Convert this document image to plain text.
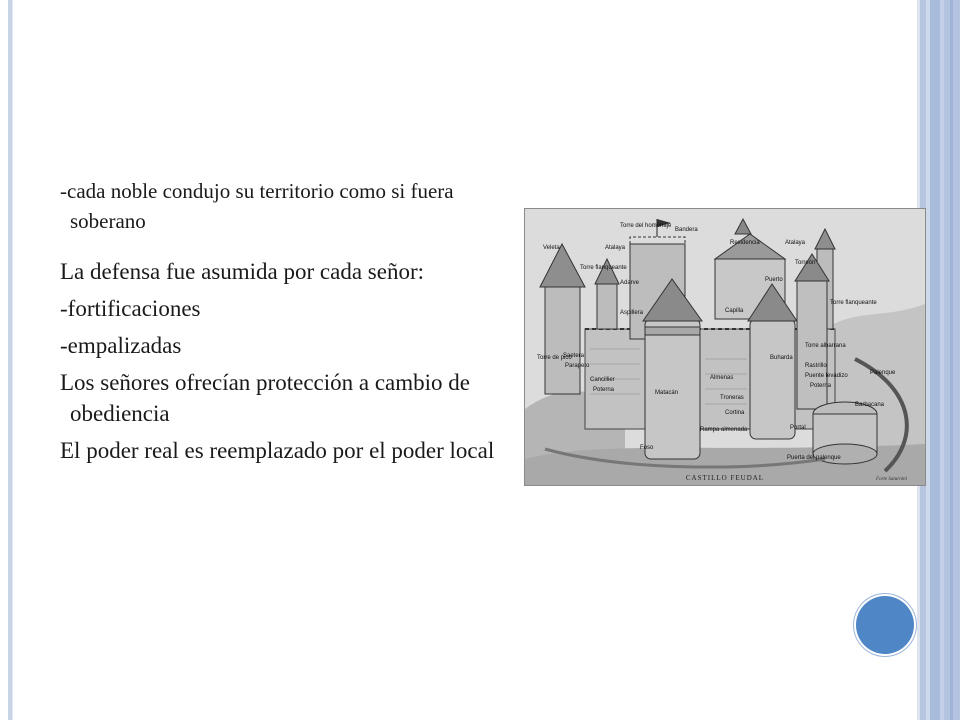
-cada noble condujo su territorio como si fuera soberano
La defensa fue asumida por cada señor:
-fortificaciones
-empalizadas
Los señores ofrecían protección a cambio de obediencia
El poder real es reemplazado por el poder local
Torre del homenaje
Bandera
Veleta	Atalaya
Residencia	Atalaya
Torre flanqueante
Torreón
Adarve
Aspillera	Capilla
Puerto
Torre flanqueante
Torre de pico
Saetera
Parapeto
Cancillier
Poterna	Matacán
Almenas
Troneras
Buharda
Torre albarrana
Rastrillo
Puente levadizo
Poterna
Palenque
Barbacana
Cortina
Rampa almenada
Foso
Portal
Puerta del palenque
CASTILLO FEUDAL	Forte Saturnini
